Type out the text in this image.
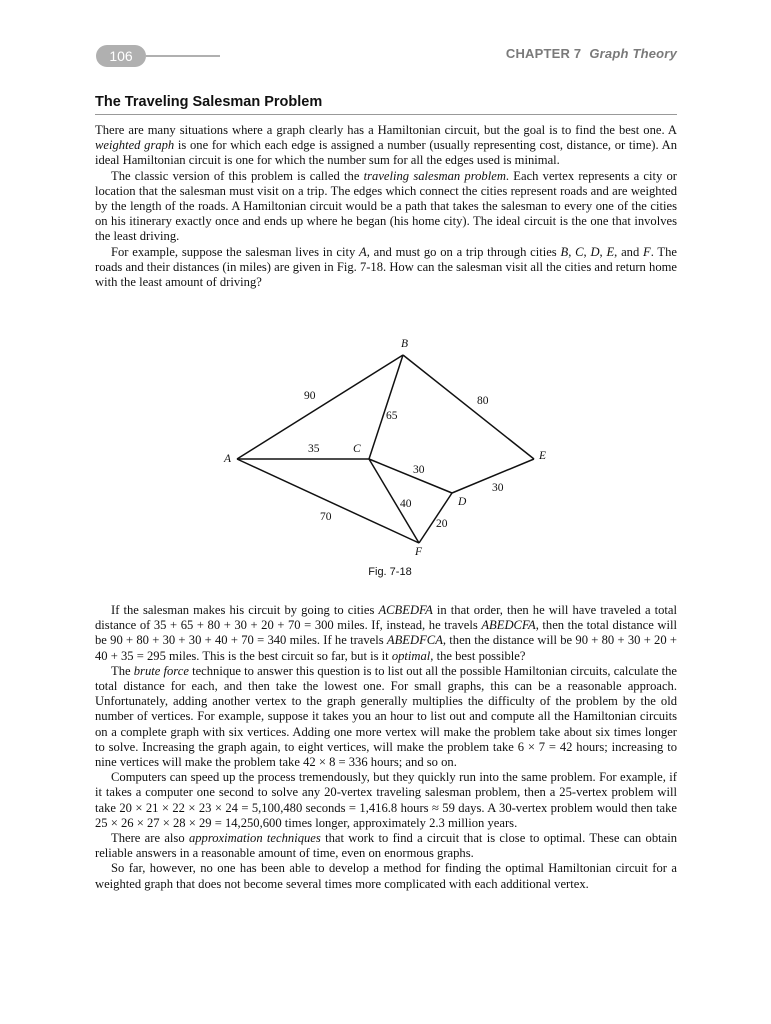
106	CHAPTER 7 Graph Theory
The Traveling Salesman Problem

There are many situations where a graph clearly has a Hamiltonian circuit, but the goal is to find the best one. A weighted graph is one for which each edge is assigned a number (usually representing cost, distance, or time). An ideal Hamiltonian circuit is one for which the number sum for all the edges used is minimal.

The classic version of this problem is called the traveling salesman problem. Each vertex represents a city or location that the salesman must visit on a trip. The edges which connect the cities represent roads and are weighted by the length of the roads. A Hamiltonian circuit would be a path that takes the salesman to every one of the cities on his itinerary exactly once and ends up where he began (his home city). The ideal circuit is the one that involves the least driving.

For example, suppose the salesman lives in city A, and must go on a trip through cities B, C, D, E, and F. The roads and their distances (in miles) are given in Fig. 7-18. How can the salesman visit all the cities and return home with the least amount of driving?

B
A
C
E
D
F
90
35
70
65
80
30
40
30
20
Fig. 7-18

If the salesman makes his circuit by going to cities ACBEDFA in that order, then he will have traveled a total distance of 35 + 65 + 80 + 30 + 20 + 70 = 300 miles. If, instead, he travels ABEDCFA, then the total distance will be 90 + 80 + 30 + 30 + 40 + 70 = 340 miles. If he travels ABEDFCA, then the distance will be 90 + 80 + 30 + 20 + 40 + 35 = 295 miles. This is the best circuit so far, but is it optimal, the best possible?

The brute force technique to answer this question is to list out all the possible Hamiltonian circuits, calculate the total distance for each, and then take the lowest one. For small graphs, this can be a reasonable approach. Unfortunately, adding another vertex to the graph generally multiplies the difficulty of the problem by the old number of vertices. For example, suppose it takes you an hour to list out and compute all the Hamiltonian circuits on a complete graph with six vertices. Adding one more vertex will make the problem take about six times longer to solve. Increasing the graph again, to eight vertices, will make the problem take 6 × 7 = 42 hours; increasing to nine vertices will make the problem take 42 × 8 = 336 hours; and so on.

Computers can speed up the process tremendously, but they quickly run into the same problem. For example, if it takes a computer one second to solve any 20-vertex traveling salesman problem, then a 25-vertex problem will take 20 × 21 × 22 × 23 × 24 = 5,100,480 seconds = 1,416.8 hours ≈ 59 days. A 30-vertex problem would then take 25 × 26 × 27 × 28 × 29 = 14,250,600 times longer, approximately 2.3 million years.

There are also approximation techniques that work to find a circuit that is close to optimal. These can obtain reliable answers in a reasonable amount of time, even on enormous graphs.

So far, however, no one has been able to develop a method for finding the optimal Hamiltonian circuit for a weighted graph that does not become several times more complicated with each additional vertex.
